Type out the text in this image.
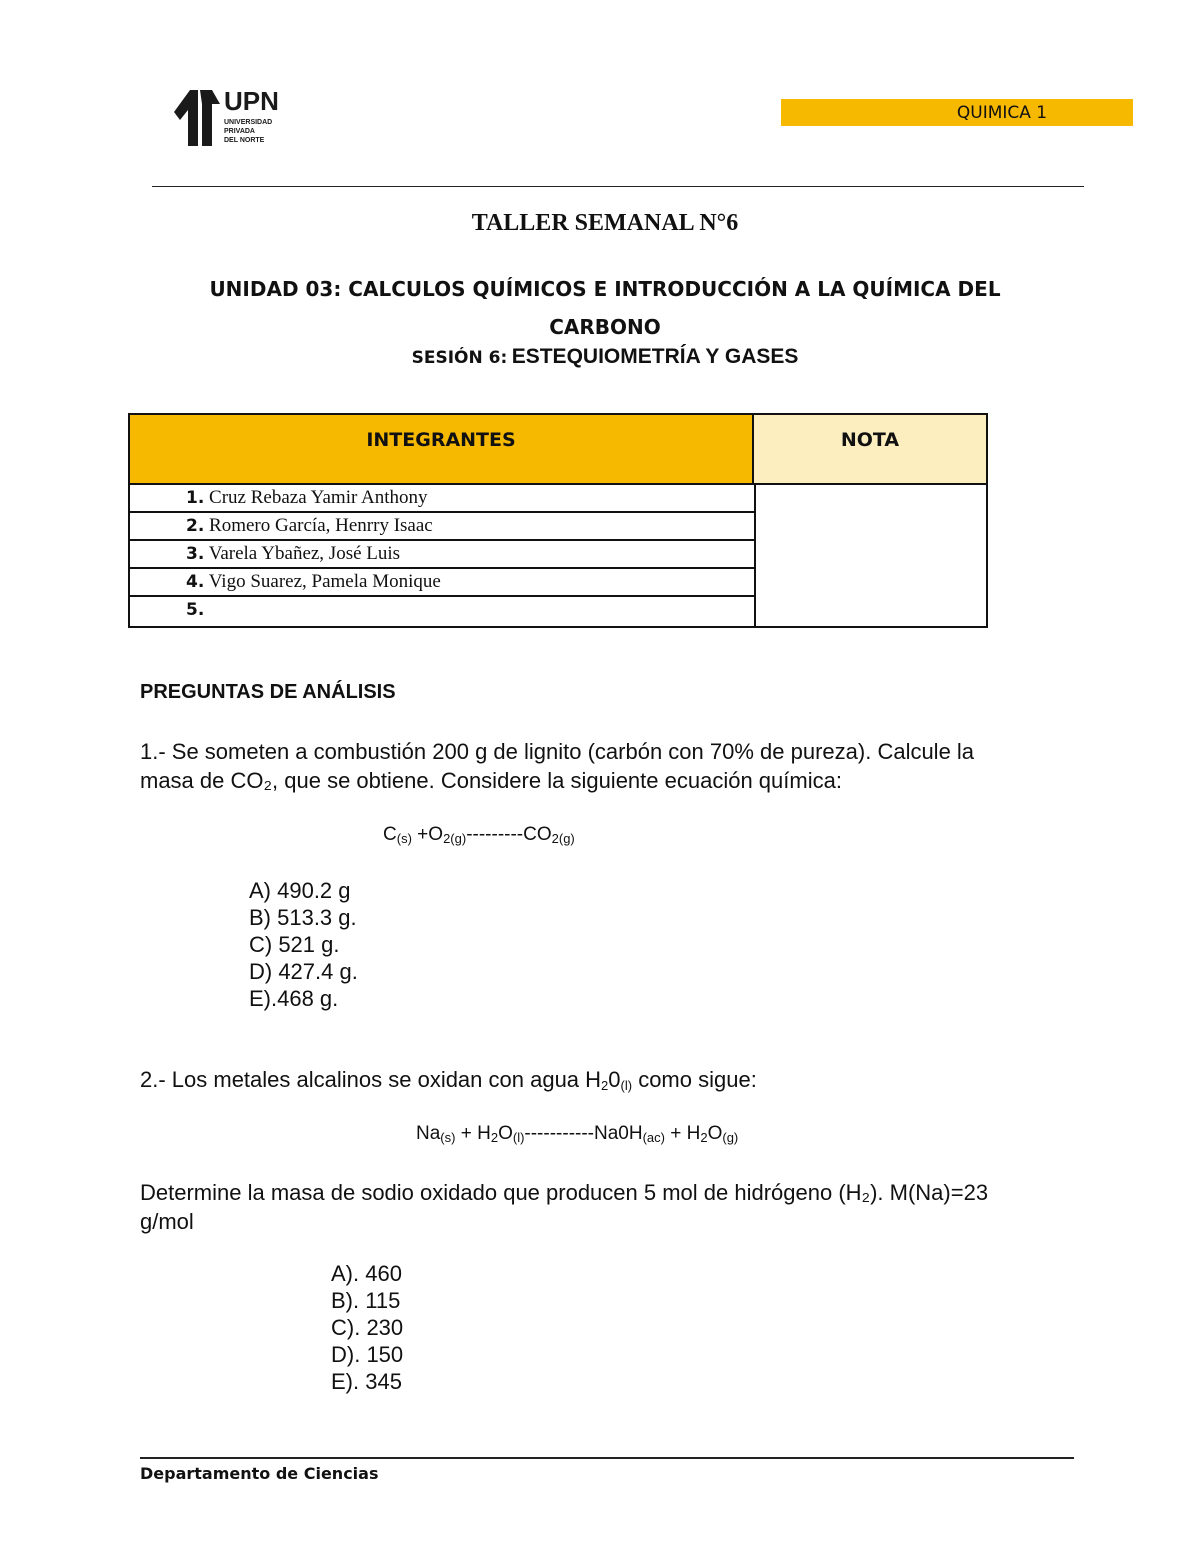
UPN
UNIVERSIDAD
PRIVADA
DEL NORTE
QUIMICA 1
TALLER SEMANAL N°6
UNIDAD 03: CALCULOS QUÍMICOS E INTRODUCCIÓN A LA QUÍMICA DEL
CARBONO
SESIÓN 6: ESTEQUIOMETRÍA Y GASES
INTEGRANTES	NOTA
1. Cruz Rebaza Yamir Anthony
2. Romero García, Henrry Isaac
3. Varela Ybañez, José Luis
4. Vigo Suarez, Pamela Monique
5.
PREGUNTAS DE ANÁLISIS
1.- Se someten a combustión 200 g de lignito (carbón con 70% de pureza). Calcule la
masa de CO₂, que se obtiene. Considere la siguiente ecuación química:
$C_{(s)} +O_{2(g)}---------CO_{2(g)}$
A) 490.2 g
B) 513.3 g.
C) 521 g.
D) 427.4 g.
E).468 g.
2.- Los metales alcalinos se oxidan con agua $H_20_{(l)}$ como sigue:
$Na_{(s)} + H_2O_{(l)}-----------Na0H_{(ac)} + H_2O_{(g)}$
Determine la masa de sodio oxidado que producen 5 mol de hidrógeno (H₂). M(Na)=23
g/mol
A). 460
B). 115
C). 230
D). 150
E). 345
Departamento de Ciencias
